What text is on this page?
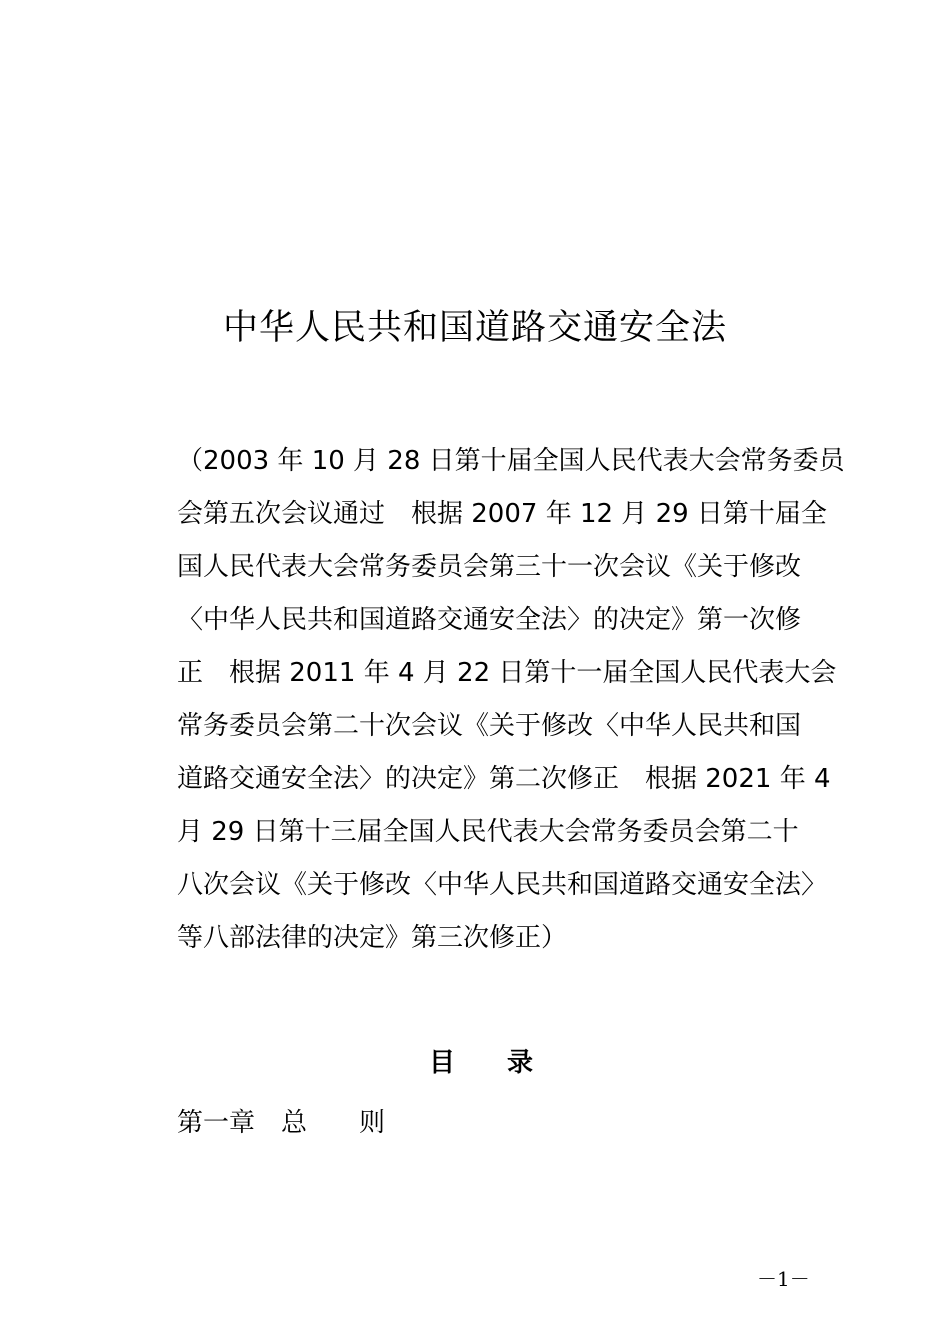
中华人民共和国道路交通安全法
（2003 年 10 月 28 日第十届全国人民代表大会常务委员
会第五次会议通过　根据 2007 年 12 月 29 日第十届全
国人民代表大会常务委员会第三十一次会议《关于修改
〈中华人民共和国道路交通安全法〉的决定》第一次修
正　根据 2011 年 4 月 22 日第十一届全国人民代表大会
常务委员会第二十次会议《关于修改〈中华人民共和国
道路交通安全法〉的决定》第二次修正　根据 2021 年 4
月 29 日第十三届全国人民代表大会常务委员会第二十
八次会议《关于修改〈中华人民共和国道路交通安全法〉
等八部法律的决定》第三次修正）
目　　录
第一章　总　　则
－1－
